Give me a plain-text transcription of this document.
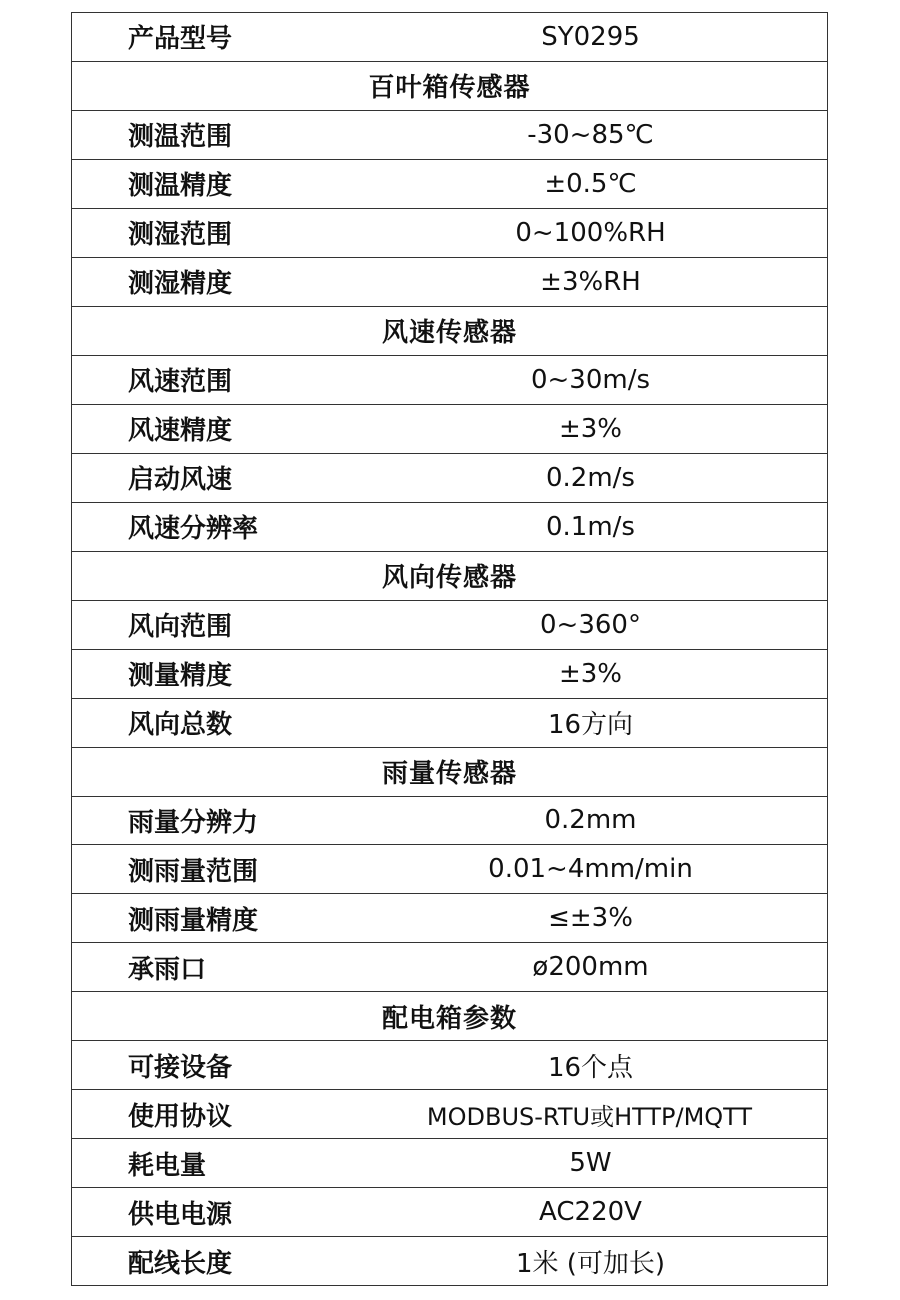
产品型号	SY0295
百叶箱传感器
测温范围	-30~85℃
测温精度	±0.5℃
测湿范围	0~100%RH
测湿精度	±3%RH
风速传感器
风速范围	0~30m/s
风速精度	±3%
启动风速	0.2m/s
风速分辨率	0.1m/s
风向传感器
风向范围	0~360°
测量精度	±3%
风向总数	16方向
雨量传感器
雨量分辨力	0.2mm
测雨量范围	0.01~4mm/min
测雨量精度	≤±3%
承雨口	ø200mm
配电箱参数
可接设备	16个点
使用协议	MODBUS-RTU或HTTP/MQTT
耗电量	5W
供电电源	AC220V
配线长度	1米 (可加长)
